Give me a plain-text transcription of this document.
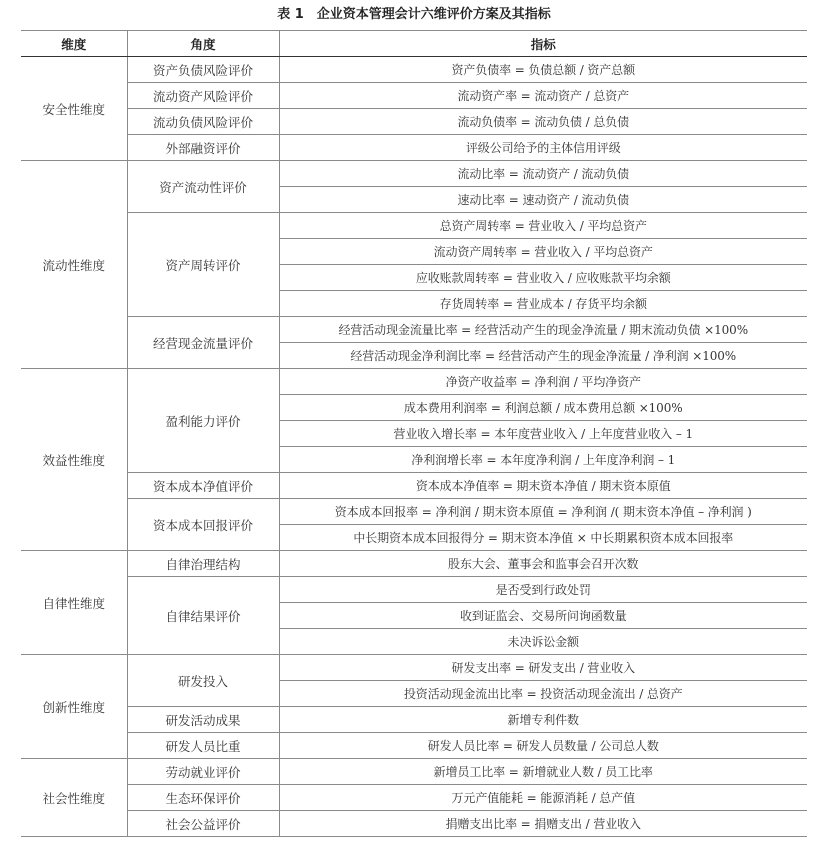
表 1　企业资本管理会计六维评价方案及其指标
维度	角度	指标
安全性维度	资产负债风险评价	资产负债率 = 负债总额 / 资产总额
	流动资产风险评价	流动资产率 = 流动资产 / 总资产
	流动负债风险评价	流动负债率 = 流动负债 / 总负债
	外部融资评价	评级公司给予的主体信用评级
流动性维度	资产流动性评价	流动比率 = 流动资产 / 流动负债
		速动比率 = 速动资产 / 流动负债
	资产周转评价	总资产周转率 = 营业收入 / 平均总资产
		流动资产周转率 = 营业收入 / 平均总资产
		应收账款周转率 = 营业收入 / 应收账款平均余额
		存货周转率 = 营业成本 / 存货平均余额
	经营现金流量评价	经营活动现金流量比率 = 经营活动产生的现金净流量 / 期末流动负债 ×100%
		经营活动现金净利润比率 = 经营活动产生的现金净流量 / 净利润 ×100%
效益性维度	盈利能力评价	净资产收益率 = 净利润 / 平均净资产
		成本费用利润率 = 利润总额 / 成本费用总额 ×100%
		营业收入增长率 = 本年度营业收入 / 上年度营业收入 – 1
		净利润增长率 = 本年度净利润 / 上年度净利润 – 1
	资本成本净值评价	资本成本净值率 = 期末资本净值 / 期末资本原值
	资本成本回报评价	资本成本回报率 = 净利润 / 期末资本原值 = 净利润 /( 期末资本净值 – 净利润 )
		中长期资本成本回报得分 = 期末资本净值 × 中长期累积资本成本回报率
自律性维度	自律治理结构	股东大会、董事会和监事会召开次数
	自律结果评价	是否受到行政处罚
		收到证监会、交易所问询函数量
		未决诉讼金额
创新性维度	研发投入	研发支出率 = 研发支出 / 营业收入
		投资活动现金流出比率 = 投资活动现金流出 / 总资产
	研发活动成果	新增专利件数
	研发人员比重	研发人员比率 = 研发人员数量 / 公司总人数
社会性维度	劳动就业评价	新增员工比率 = 新增就业人数 / 员工比率
	生态环保评价	万元产值能耗 = 能源消耗 / 总产值
	社会公益评价	捐赠支出比率 = 捐赠支出 / 营业收入
